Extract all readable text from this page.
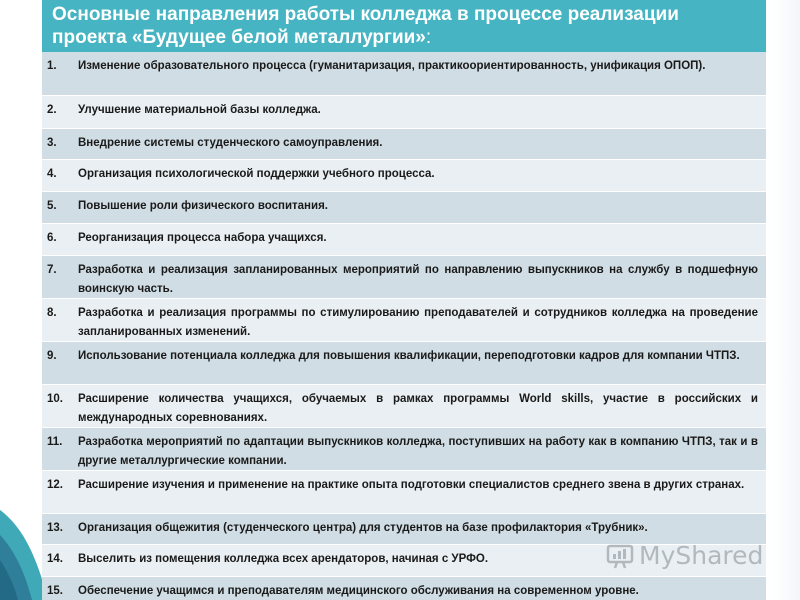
Основные направления работы колледжа в процессе реализации
проекта «Будущее белой металлургии»:
1.	Изменение образовательного процесса (гуманитаризация, практикоориентированность, унификация ОПОП).
2.	Улучшение материальной базы колледжа.
3.	Внедрение системы студенческого самоуправления.
4.	Организация психологической поддержки учебного процесса.
5.	Повышение роли физического воспитания.
6.	Реорганизация процесса набора учащихся.
7.	Разработка и реализация запланированных мероприятий по направлению выпускников на службу в подшефную воинскую часть.
8.	Разработка и реализация программы по стимулированию преподавателей и сотрудников колледжа на проведение запланированных изменений.
9.	Использование потенциала колледжа для повышения квалификации, переподготовки кадров для компании ЧТПЗ.
10.	Расширение количества учащихся, обучаемых в рамках программы World skills, участие в российских и международных соревнованиях.
11.	Разработка мероприятий по адаптации выпускников колледжа, поступивших на работу как в компанию ЧТПЗ, так и в другие металлургические компании.
12.	Расширение изучения и применение на практике опыта подготовки специалистов среднего звена в других странах.
13.	Организация общежития (студенческого центра) для студентов на базе профилактория «Трубник».
14.	Выселить из помещения колледжа всех арендаторов, начиная с УРФО.
15.	Обеспечение учащимся и преподавателям медицинского обслуживания на современном уровне.
MyShared
